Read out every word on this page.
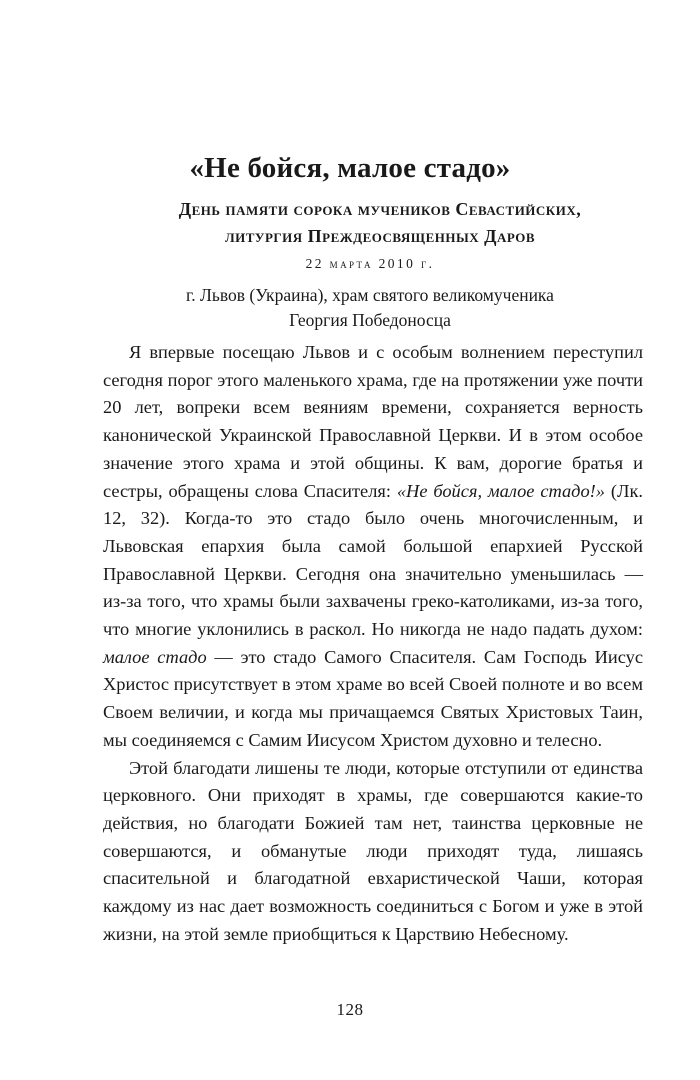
«Не бойся, малое стадо»
День памяти сорока мучеников Севастийских,
литургия Преждеосвященных Даров
22 марта 2010 г.
г. Львов (Украина), храм святого великомученика
Георгия Победоносца

Я впервые посещаю Львов и с особым волнением переступил сегодня порог этого маленького храма, где на протяжении уже почти 20 лет, вопреки всем веяниям времени, сохраняется верность канонической Украинской Православной Церкви. И в этом особое значение этого храма и этой общины. К вам, дорогие братья и сестры, обращены слова Спасителя: «Не бойся, малое стадо!» (Лк. 12, 32). Когда-то это стадо было очень многочисленным, и Львовская епархия была самой большой епархией Русской Православной Церкви. Сегодня она значительно уменьшилась — из-за того, что храмы были захвачены греко-католиками, из-за того, что многие уклонились в раскол. Но никогда не надо падать духом: малое стадо — это стадо Самого Спасителя. Сам Господь Иисус Христос присутствует в этом храме во всей Своей полноте и во всем Своем величии, и когда мы причащаемся Святых Христовых Таин, мы соединяемся с Самим Иисусом Христом духовно и телесно.

Этой благодати лишены те люди, которые отступили от единства церковного. Они приходят в храмы, где совершаются какие-то действия, но благодати Божией там нет, таинства церковные не совершаются, и обманутые люди приходят туда, лишаясь спасительной и благодатной евхаристической Чаши, которая каждому из нас дает возможность соединиться с Богом и уже в этой жизни, на этой земле приобщиться к Царствию Небесному.

128
